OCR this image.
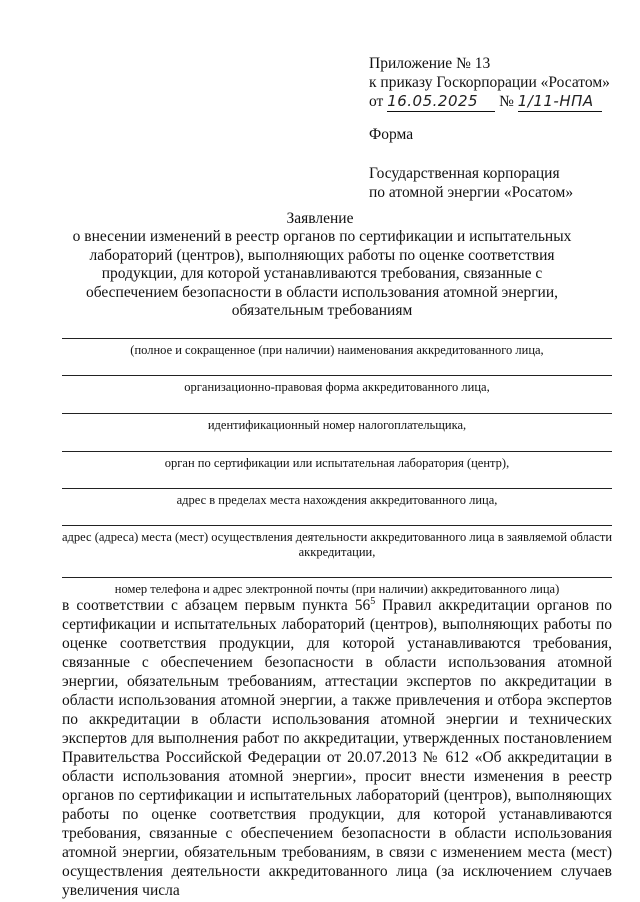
Приложение № 13
к приказу Госкорпорации «Росатом»
от 16.05.2025 № 1/11-НПА
Форма
Государственная корпорация
по атомной энергии «Росатом»
Заявление
о внесении изменений в реестр органов по сертификации и испытательных лабораторий (центров), выполняющих работы по оценке соответствия продукции, для которой устанавливаются требования, связанные с обеспечением безопасности в области использования атомной энергии, обязательным требованиям
(полное и сокращенное (при наличии) наименования аккредитованного лица,
организационно-правовая форма аккредитованного лица,
идентификационный номер налогоплательщика,
орган по сертификации или испытательная лаборатория (центр),
адрес в пределах места нахождения аккредитованного лица,
адрес (адреса) места (мест) осуществления деятельности аккредитованного лица в заявляемой области аккредитации,
номер телефона и адрес электронной почты (при наличии) аккредитованного лица)

в соответствии с абзацем первым пункта $56^5$ Правил аккредитации органов по сертификации и испытательных лабораторий (центров), выполняющих работы по оценке соответствия продукции, для которой устанавливаются требования, связанные с обеспечением безопасности в области использования атомной энергии, обязательным требованиям, аттестации экспертов по аккредитации в области использования атомной энергии, а также привлечения и отбора экспертов по аккредитации в области использования атомной энергии и технических экспертов для выполнения работ по аккредитации, утвержденных постановлением Правительства Российской Федерации от 20.07.2013 № 612 «Об аккредитации в области использования атомной энергии», просит внести изменения в реестр органов по сертификации и испытательных лабораторий (центров), выполняющих работы по оценке соответствия продукции, для которой устанавливаются требования, связанные с обеспечением безопасности в области использования атомной энергии, обязательным требованиям, в связи с изменением места (мест) осуществления деятельности аккредитованного лица (за исключением случаев увеличения числа
